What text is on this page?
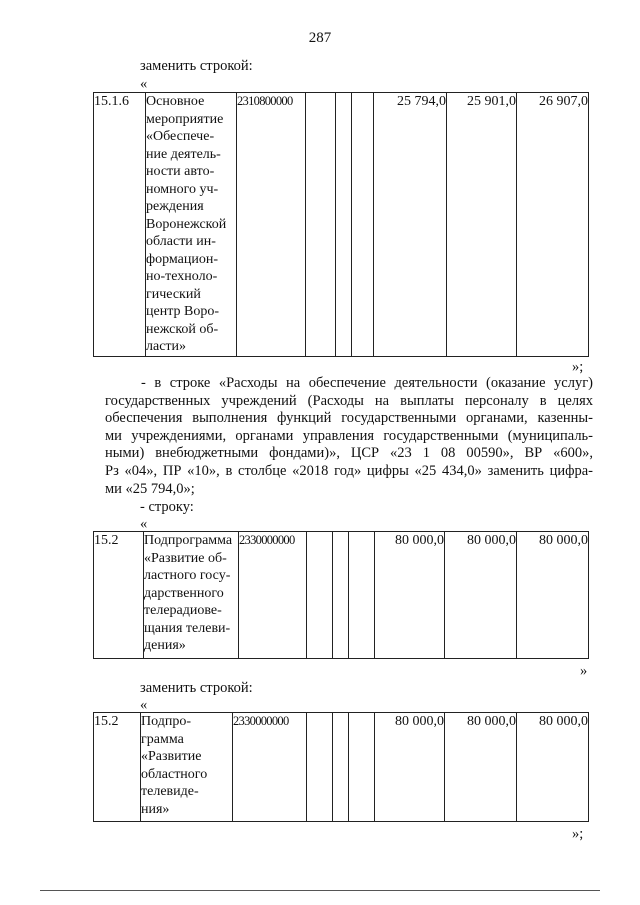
287
заменить строкой:
«
15.1.6	Основное
мероприятие
«Обеспече-
ние деятель-
ности авто-
номного уч-
реждения
Воронежской
области ин-
формацион-
но-техноло-
гический
центр Воро-
нежской об-
ласти»
	2310800000				25 794,0	25 901,0	26 907,0
»;
- в строке «Расходы на обеспечение деятельности (оказание услуг)
государственных учреждений (Расходы на выплаты персоналу в целях
обеспечения выполнения функций государственными органами, казенны-
ми учреждениями, органами управления государственными (муниципаль-
ными) внебюджетными фондами)», ЦСР «23 1 08 00590», ВР «600»,
Рз «04», ПР «10», в столбце «2018 год» цифры «25 434,0» заменить цифра-
ми «25 794,0»;
- строку:
«
15.2	Подпрограмма
«Развитие об-
ластного госу-
дарственного
телерадиове-
щания телеви-
дения»
	2330000000				80 000,0	80 000,0	80 000,0
»
заменить строкой:
«
15.2	Подпро-
грамма
«Развитие
областного
телевиде-
ния»
	2330000000				80 000,0	80 000,0	80 000,0
»;
